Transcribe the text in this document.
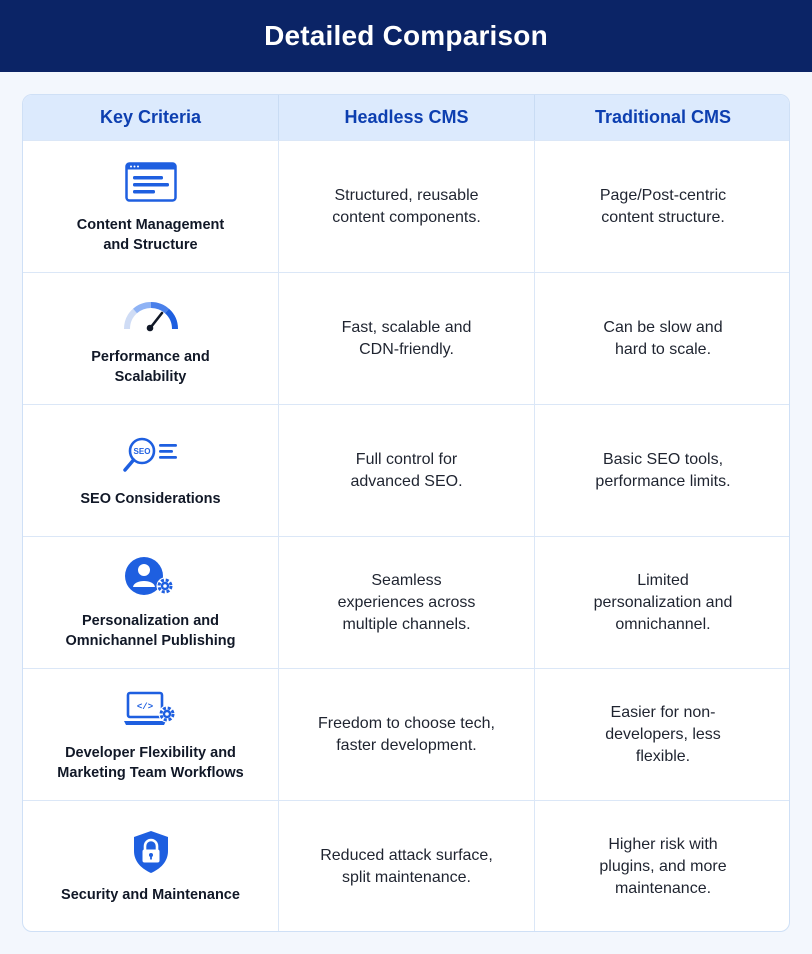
Detailed Comparison
Key Criteria	Headless CMS	Traditional CMS
Content Management
and Structure
Structured, reusable
content components.
Page/Post-centric
content structure.
Performance and
Scalability
Fast, scalable and
CDN-friendly.
Can be slow and
hard to scale.
SEO
SEO Considerations
Full control for
advanced SEO.
Basic SEO tools,
performance limits.
Personalization and
Omnichannel Publishing
Seamless
experiences across
multiple channels.
Limited
personalization and
omnichannel.
</>
Developer Flexibility and
Marketing Team Workflows
Freedom to choose tech,
faster development.
Easier for non-
developers, less
flexible.
Security and Maintenance
Reduced attack surface,
split maintenance.
Higher risk with
plugins, and more
maintenance.
